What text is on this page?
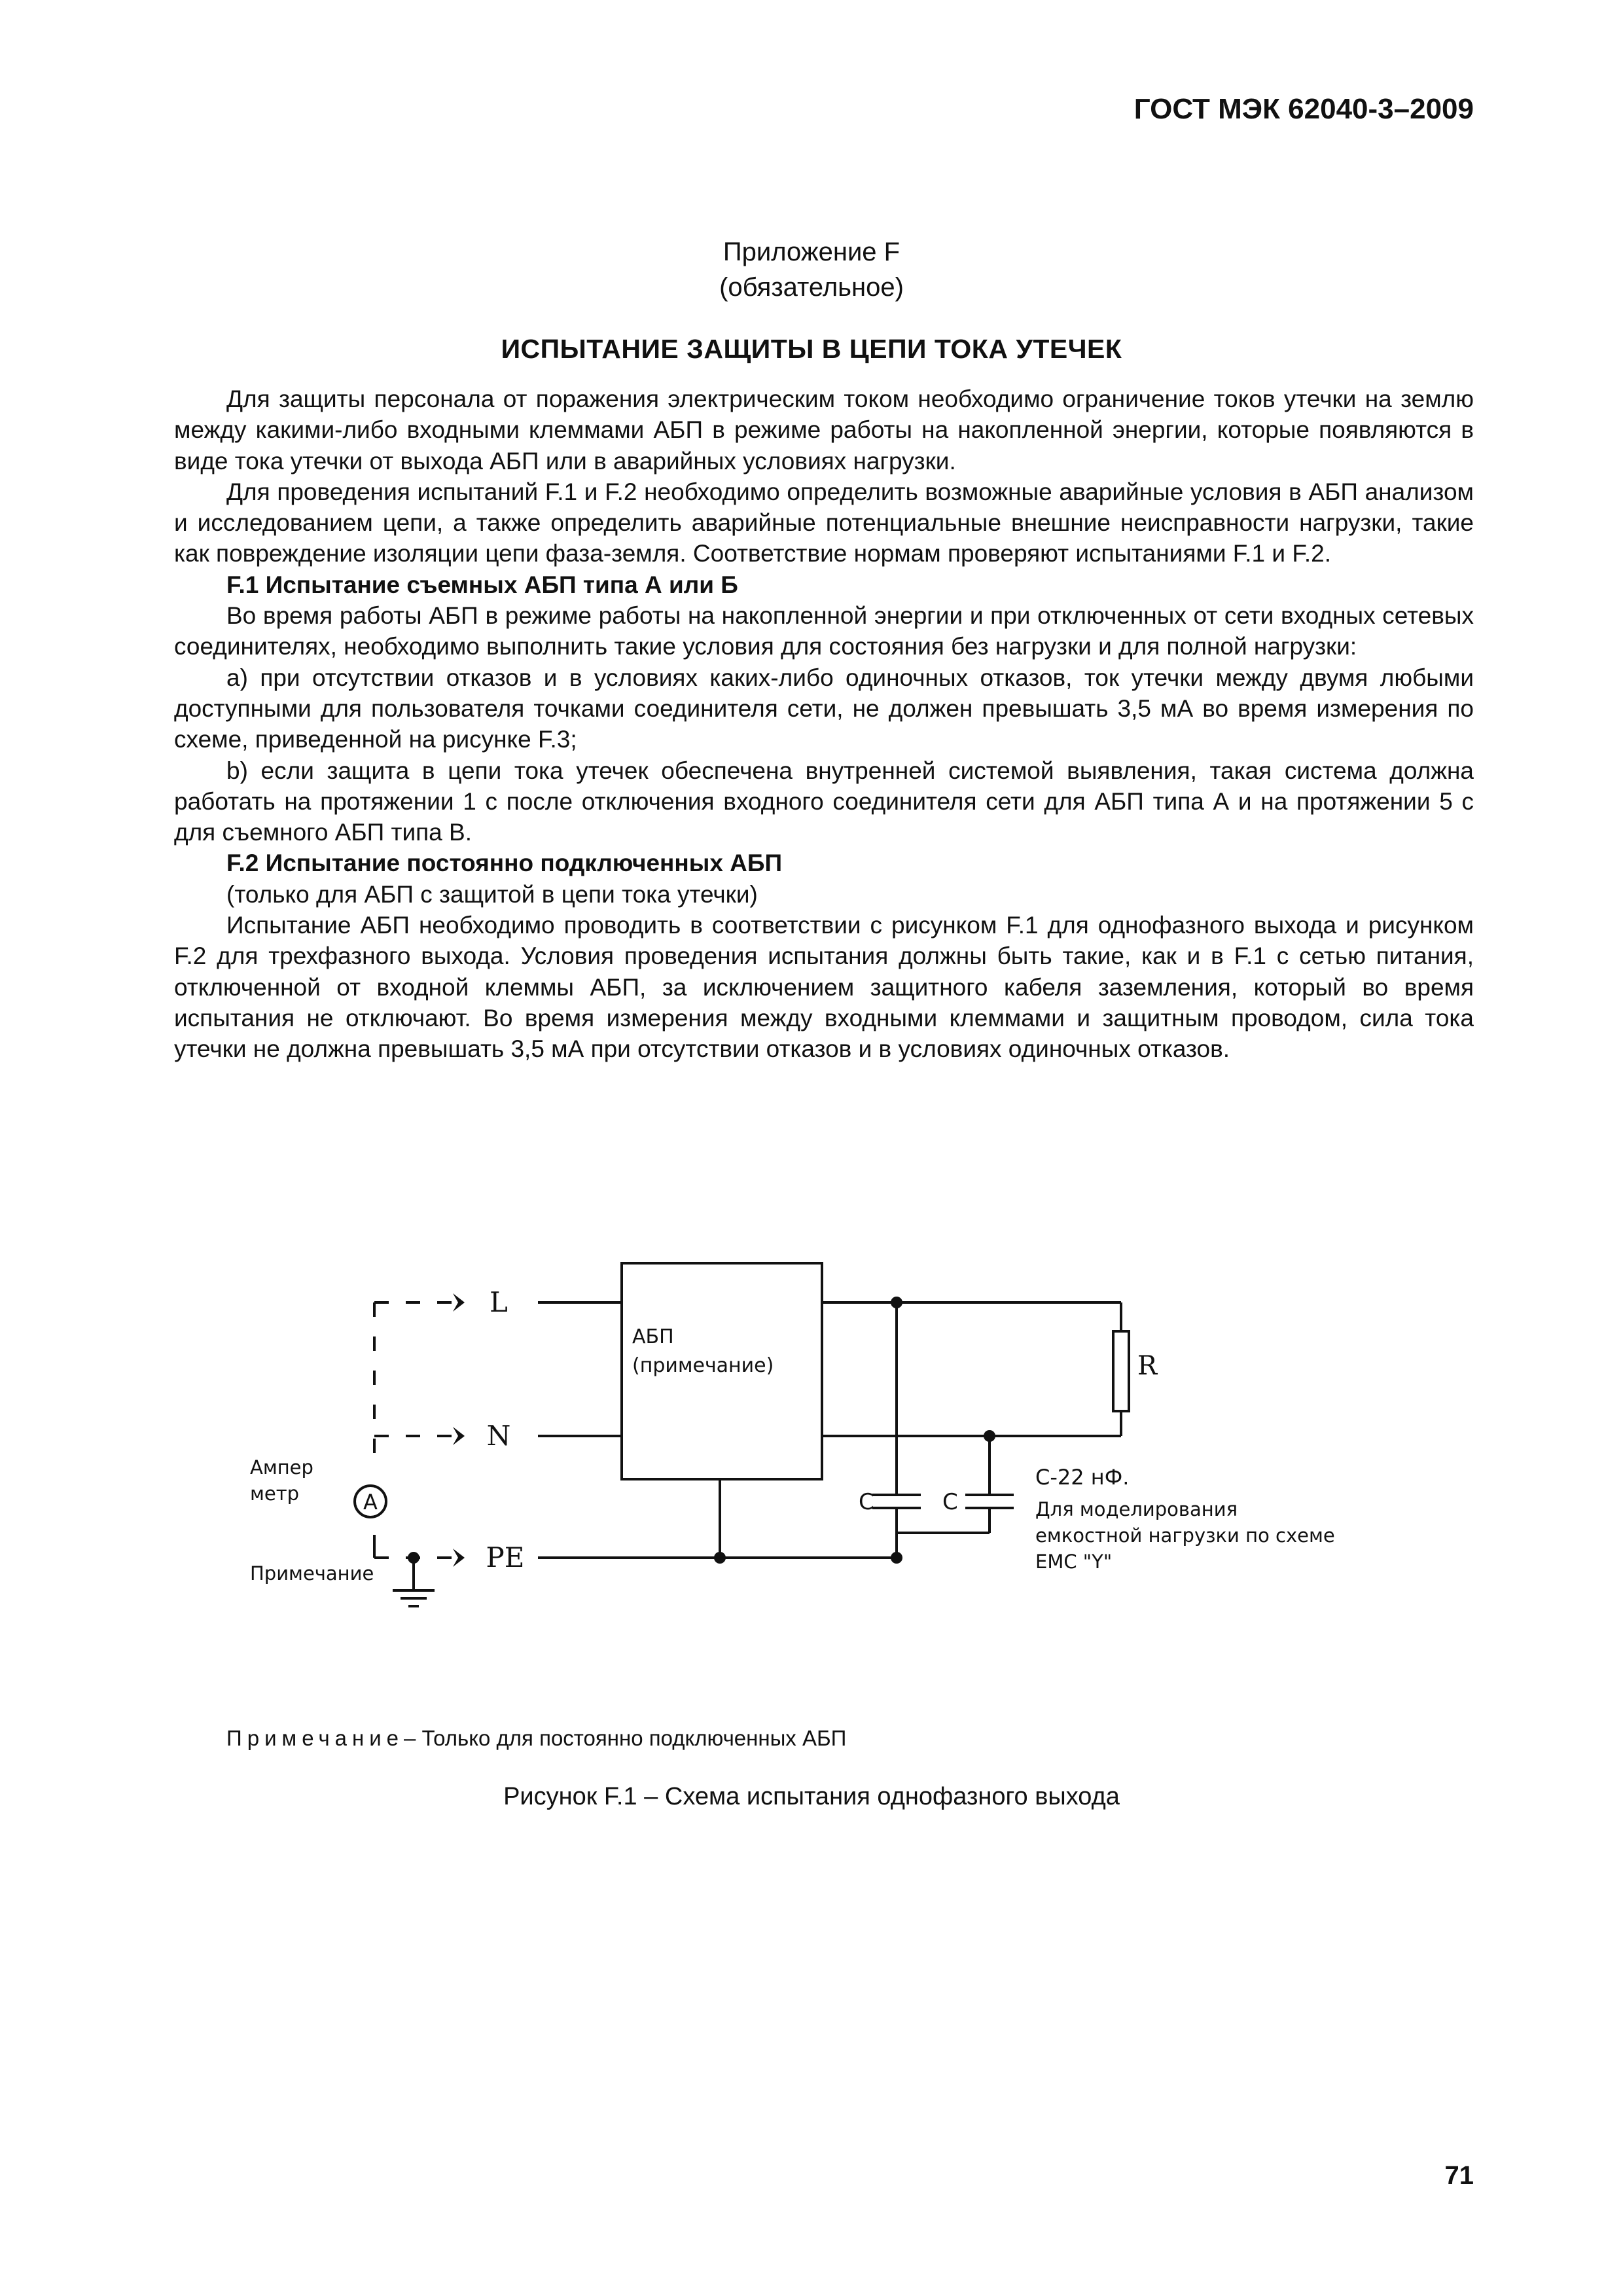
ГОСТ МЭК 62040-3–2009
Приложение F
(обязательное)
ИСПЫТАНИЕ ЗАЩИТЫ В ЦЕПИ ТОКА УТЕЧЕК

Для защиты персонала от поражения электрическим током необходимо ограничение токов утечки на землю между какими-либо входными клеммами АБП в режиме работы на накопленной энергии, которые появляются в виде тока утечки от выхода АБП или в аварийных условиях нагрузки.

Для проведения испытаний F.1 и F.2 необходимо определить возможные аварийные условия в АБП анализом и исследованием цепи, а также определить аварийные потенциальные внешние неисправности нагрузки, такие как повреждение изоляции цепи фаза-земля. Соответствие нормам проверяют испытаниями F.1 и F.2.

F.1 Испытание съемных АБП типа А или Б

Во время работы АБП в режиме работы на накопленной энергии и при отключенных от сети входных сетевых соединителях, необходимо выполнить такие условия для состояния без нагрузки и для полной нагрузки:

a) при отсутствии отказов и в условиях каких-либо одиночных отказов, ток утечки между двумя любыми доступными для пользователя точками соединителя сети, не должен превышать 3,5 мА во время измерения по схеме, приведенной на рисунке F.3;

b) если защита в цепи тока утечек обеспечена внутренней системой выявления, такая система должна работать на протяжении 1 с после отключения входного соединителя сети для АБП типа А и на протяжении 5 с для съемного АБП типа В.

F.2 Испытание постоянно подключенных АБП

(только для АБП с защитой в цепи тока утечки)

Испытание АБП необходимо проводить в соответствии с рисунком F.1 для однофазного выхода и рисунком F.2 для трехфазного выхода. Условия проведения испытания должны быть такие, как и в F.1 с сетью питания, отключенной от входной клеммы АБП, за исключением защитного кабеля заземления, который во время испытания не отключают. Во время измерения между входными клеммами и защитным проводом, сила тока утечки не должна превышать 3,5 мА при отсутствии отказов и в условиях одиночных отказов.

L
N
PE
АБП
(примечание)	R
C	C
C-22 нФ.
Для моделирования
емкостной нагрузки по схеме
EMC "Y"
Ампер
метр	A
Примечание
Примечание– Только для постоянно подключенных АБП
Рисунок F.1 – Схема испытания однофазного выхода
71
